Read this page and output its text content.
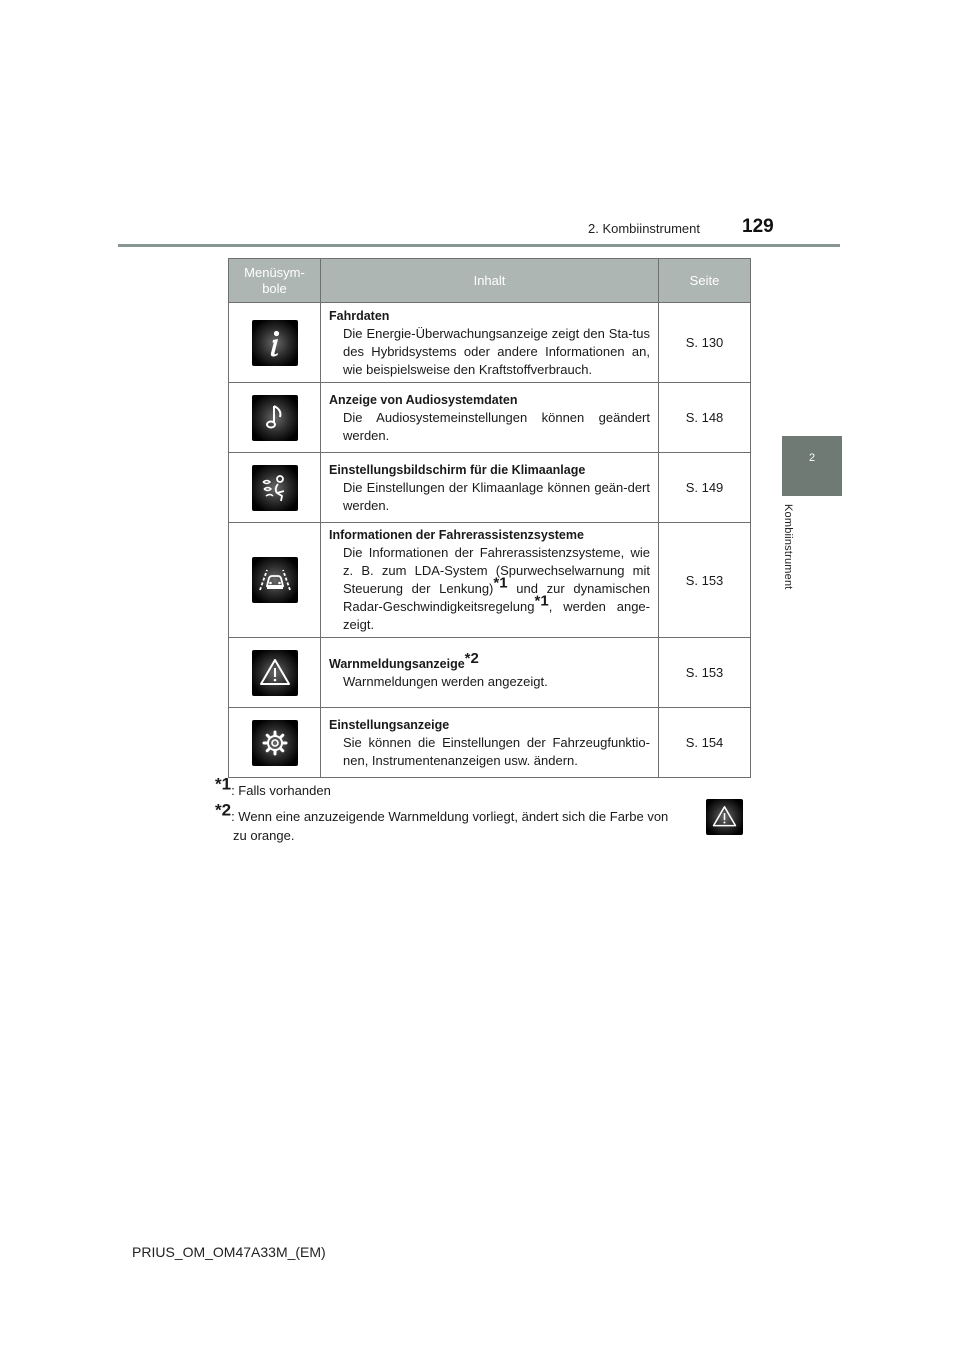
2. Kombiinstrument 129
2
Kombiinstrument
Menüsym-
bole	Inhalt	Seite

Fahrdaten
Die Energie-Überwachungsanzeige zeigt den Sta-tus des Hybridsystems oder andere Informationen an, wie beispielsweise den Kraftstoffverbrauch.	S. 130

Anzeige von Audiosystemdaten
Die Audiosystemeinstellungen können geändert werden.	S. 148

Einstellungsbildschirm für die Klimaanlage
Die Einstellungen der Klimaanlage können geän-dert werden.	S. 149

Informationen der Fahrerassistenzsysteme
Die Informationen der Fahrerassistenzsysteme, wie z. B. zum LDA-System (Spurwechselwarnung mit Steuerung der Lenkung)*1 und zur dynamischen Radar-Geschwindigkeitsregelung*1, werden ange-zeigt.	S. 153

Warnmeldungsanzeige*2
Warnmeldungen werden angezeigt.	S. 153

Einstellungsanzeige
Sie können die Einstellungen der Fahrzeugfunktio-nen, Instrumentenanzeigen usw. ändern.	S. 154
*1: Falls vorhanden
*2: Wenn eine anzuzeigende Warnmeldung vorliegt, ändert sich die Farbe von
zu orange.
PRIUS_OM_OM47A33M_(EM)
